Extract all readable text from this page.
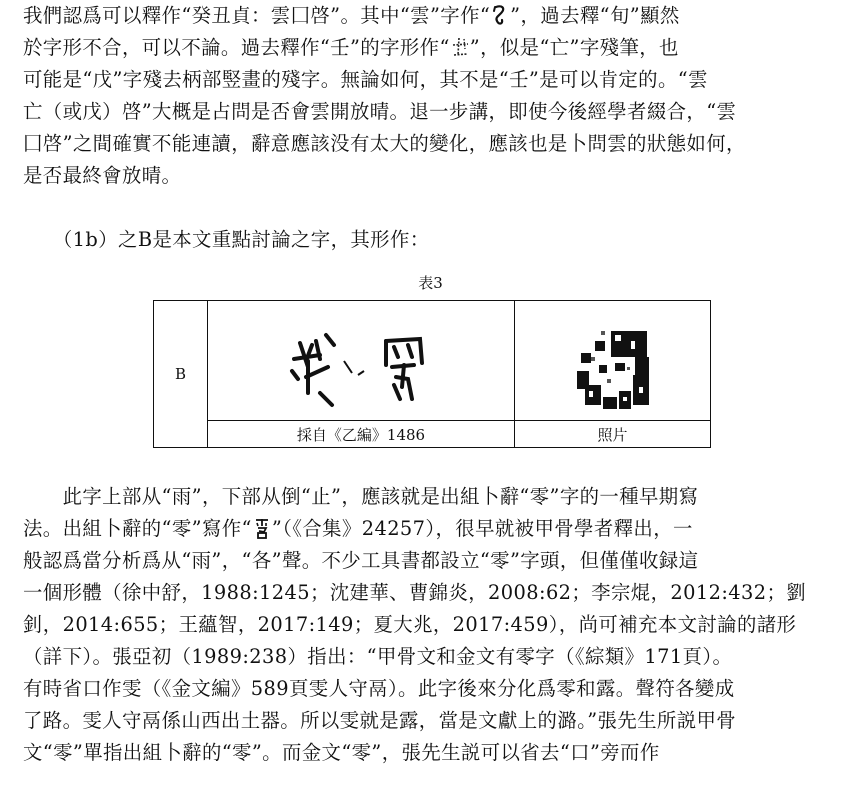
我們認爲可以釋作“癸丑貞：雲囗啓”。其中“雲”字作“ ”，過去釋“旬”顯然
於字形不合，可以不論。過去釋作“壬”的字形作“ ”，似是“亡”字殘筆，也
可能是“戊”字殘去柄部竪畫的殘字。無論如何，其不是“壬”是可以肯定的。“雲
亡（或戊）啓”大概是占問是否會雲開放晴。退一步講，即使今後經學者綴合，“雲
囗啓”之間確實不能連讀，辭意應該没有太大的變化，應該也是卜問雲的狀態如何，
是否最終會放晴。
　　（1b）之B是本文重點討論之字，其形作：
表3
B
採自《乙編》1486	照片
　　此字上部从“雨”，下部从倒“止”，應該就是出組卜辭“零”字的一種早期寫
法。出組卜辭的“零”寫作“ ”（《合集》24257），很早就被甲骨學者釋出，一
般認爲當分析爲从“雨”，“各”聲。不少工具書都設立“零”字頭，但僅僅收録這
一個形體（徐中舒，1988:1245；沈建華、曹錦炎，2008:62；李宗焜，2012:432；劉
釗，2014:655；王蘊智，2017:149；夏大兆，2017:459），尚可補充本文討論的諸形
（詳下）。張亞初（1989:238）指出：“甲骨文和金文有零字（《綜類》171頁）。
有時省口作雯（《金文編》589頁雯人守鬲）。此字後來分化爲零和露。聲符各變成
了路。雯人守鬲係山西出土器。所以雯就是露，當是文獻上的潞。”張先生所説甲骨
文“零”單指出組卜辭的“零”。而金文“零”，張先生説可以省去“口”旁而作
